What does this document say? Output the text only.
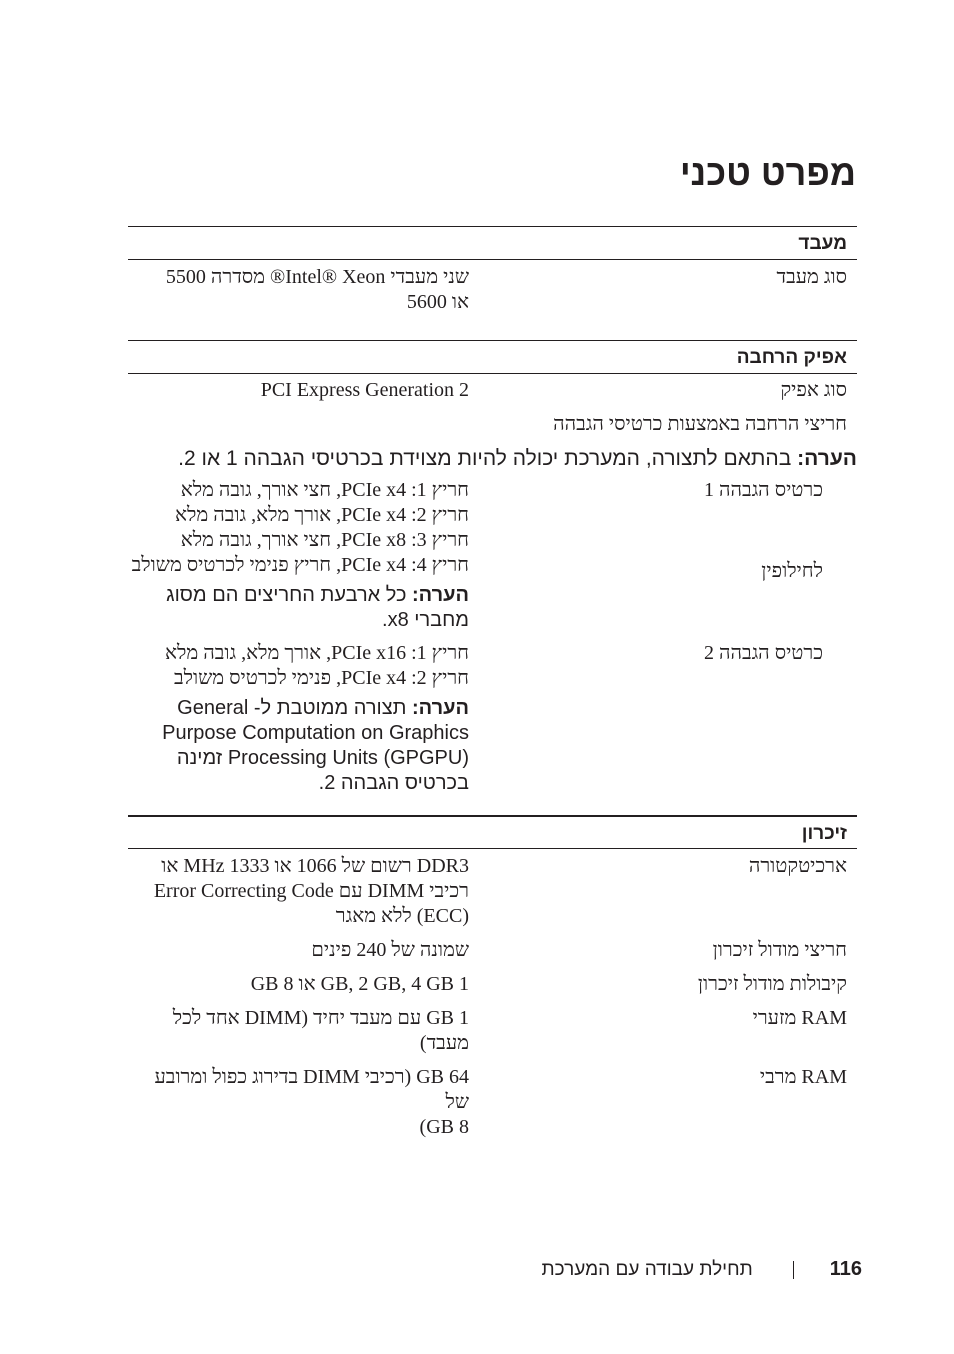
מפרט טכני
מעבד
סוג מעבד
שני מעבדי Intel® Xeon® מסדרה 5500
או 5600
אפיק הרחבה
סוג אפיק
PCI Express Generation 2
חריצי הרחבה באמצעות כרטיסי הגבהה
הערה: בהתאם לתצורה, המערכת יכולה להיות מצוידת בכרטיסי הגבהה 1 או 2.
כרטיס הגבהה 1
לחילופין
חריץ 1: PCIe x4, חצי אורך, גובה מלא
חריץ 2: PCIe x4, אורך מלא, גובה מלא
חריץ 3: PCIe x8, חצי אורך, גובה מלא
חריץ 4: PCIe x4, חריץ פנימי לכרטיס משולב
הערה: כל ארבעת החריצים הם מסוג
מחברי x8.
כרטיס הגבהה 2
חריץ 1: PCIe x16, אורך מלא, גובה מלא
חריץ 2: PCIe x4, פנימי לכרטיס משולב
הערה: תצורה ממוטבת ל- General
Purpose Computation on Graphics
Processing Units (GPGPU) זמינה
בכרטיס הגבהה 2.
זיכרון
ארכיטקטורה
DDR3 רשום של 1066 או 1333 MHz או
רכיבי DIMM עם Error Correcting Code
(ECC) ללא מאגר
חריצי מודול זיכרון
שמונה של 240 פינים
קיבולות מודול זיכרון
1 GB, 2 GB, 4 GB או 8 GB
RAM מזערי
1 GB עם מעבד יחיד (DIMM אחד לכל מעבד)
RAM מרבי
64 GB (רכיבי DIMM בדירוג כפול ומרובע של
8 GB)
116
תחילת עבודה עם המערכת
